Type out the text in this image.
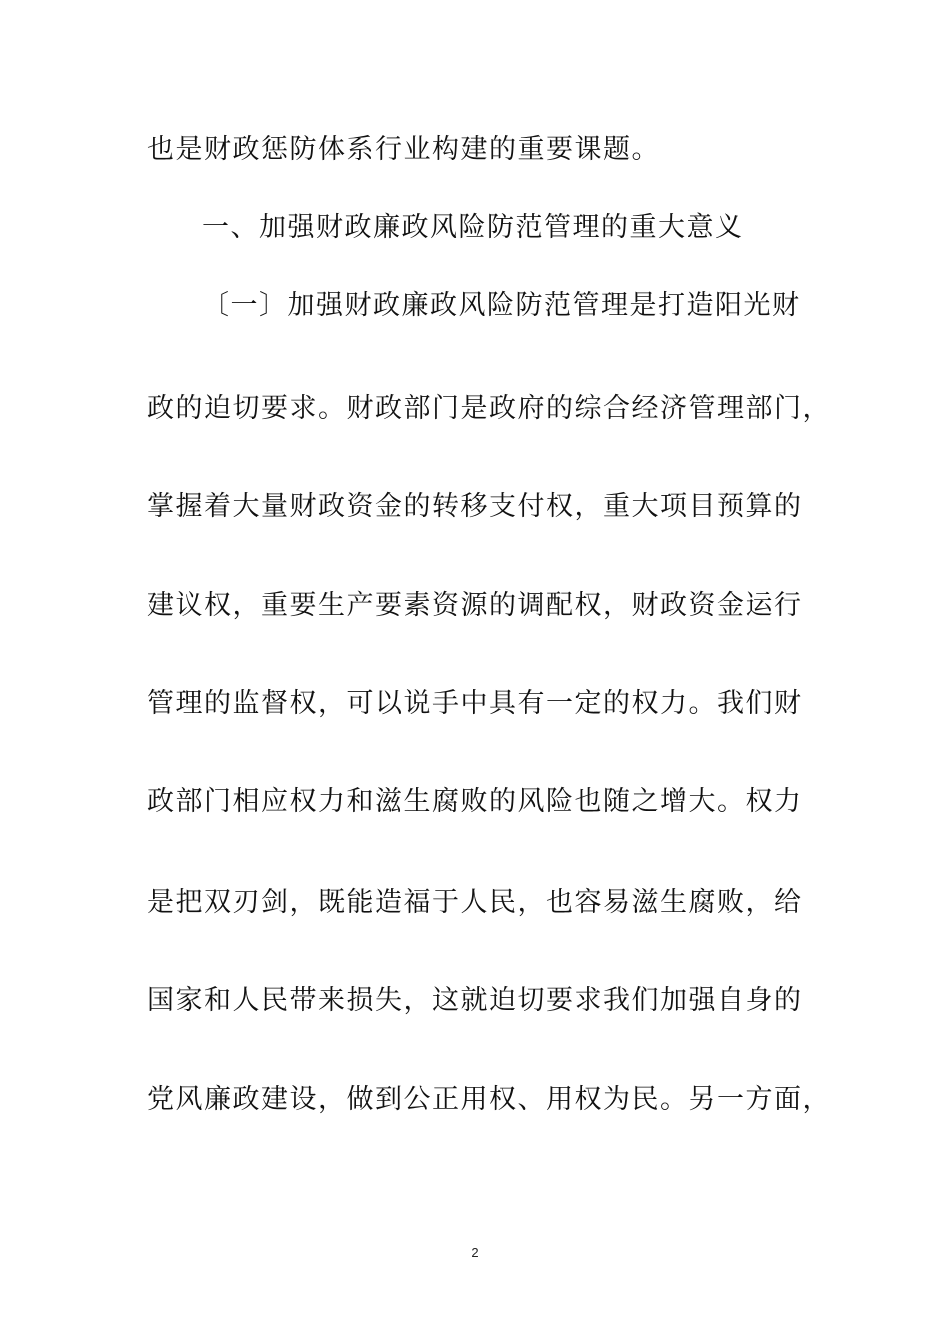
也是财政惩防体系行业构建的重要课题。
一、加强财政廉政风险防范管理的重大意义
〔一〕加强财政廉政风险防范管理是打造阳光财
政的迫切要求。财政部门是政府的综合经济管理部门，
掌握着大量财政资金的转移支付权，重大项目预算的
建议权，重要生产要素资源的调配权，财政资金运行
管理的监督权，可以说手中具有一定的权力。我们财
政部门相应权力和滋生腐败的风险也随之增大。权力
是把双刃剑，既能造福于人民，也容易滋生腐败，给
国家和人民带来损失，这就迫切要求我们加强自身的
党风廉政建设，做到公正用权、用权为民。另一方面，
2
